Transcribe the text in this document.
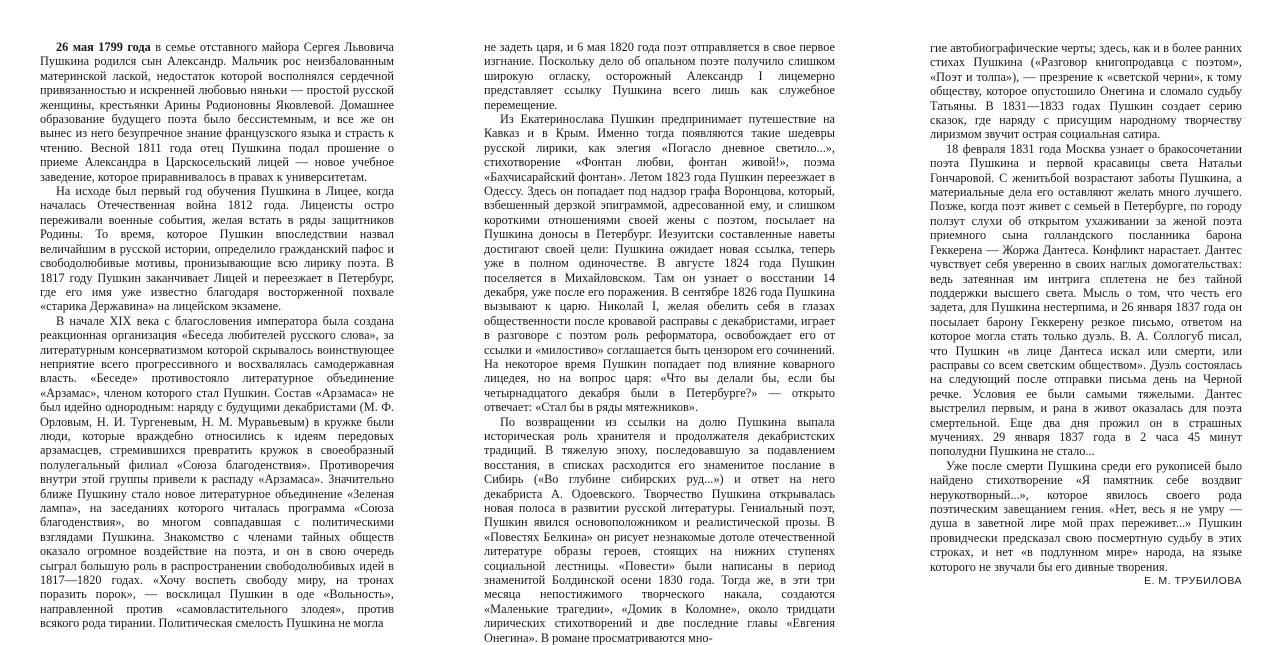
26 мая 1799 года в семье отставного майора Сергея Львовича Пушкина родился сын Александр. Мальчик рос неизбалованным материнской лаской, недостаток которой восполнялся сердечной привязанностью и искренней любовью няньки — простой русской женщины, крестьянки Арины Родионовны Яковлевой. Домашнее образование будущего поэта было бессистемным, и все же он вынес из него безупречное знание французского языка и страсть к чтению. Весной 1811 года отец Пушкина подал прошение о приеме Александра в Царскосельский лицей — новое учебное заведение, которое приравнивалось в правах к университетам.

На исходе был первый год обучения Пушкина в Лицее, когда началась Отечественная война 1812 года. Лицеисты остро переживали военные события, желая встать в ряды защитников Родины. То время, которое Пушкин впоследствии назвал величайшим в русской истории, определило гражданский пафос и свободолюбивые мотивы, пронизывающие всю лирику поэта. В 1817 году Пушкин заканчивает Лицей и переезжает в Петербург, где его имя уже известно благодаря восторженной похвале «старика Державина» на лицейском экзамене.

В начале XIX века с благословения императора была создана реакционная организация «Беседа любителей русского слова», за литературным консерватизмом которой скрывалось воинствующее неприятие всего прогрессивного и восхвалялась самодержавная власть. «Беседе» противостояло литературное объединение «Арзамас», членом которого стал Пушкин. Состав «Арзамаса» не был идейно однородным: наряду с будущими декабристами (М. Ф. Орловым, Н. И. Тургеневым, Н. М. Муравьевым) в кружке были люди, которые враждебно относились к идеям передовых арзамасцев, стремившихся превратить кружок в своеобразный полулегальный филиал «Союза благоденствия». Противоречия внутри этой группы привели к распаду «Арзамаса». Значительно ближе Пушкину стало новое литературное объединение «Зеленая лампа», на заседаниях которого читалась программа «Союза благоденствия», во многом совпадавшая с политическими взглядами Пушкина. Знакомство с членами тайных обществ оказало огромное воздействие на поэта, и он в свою очередь сыграл большую роль в распространении свободолюбивых идей в 1817—1820 годах. «Хочу воспеть свободу миру, на тронах поразить порок», — восклицал Пушкин в оде «Вольность», направленной против «самовластительного злодея», против всякого рода тирании. Политическая смелость Пушкина не могла

не задеть царя, и 6 мая 1820 года поэт отправляется в свое первое изгнание. Поскольку дело об опальном поэте получило слишком широкую огласку, осторожный Александр I лицемерно представляет ссылку Пушкина всего лишь как служебное перемещение.

Из Екатеринослава Пушкин предпринимает путешествие на Кавказ и в Крым. Именно тогда появляются такие шедевры русской лирики, как элегия «Погасло дневное светило...», стихотворение «Фонтан любви, фонтан живой!», поэма «Бахчисарайский фонтан». Летом 1823 года Пушкин переезжает в Одессу. Здесь он попадает под надзор графа Воронцова, который, взбешенный дерзкой эпиграммой, адресованной ему, и слишком короткими отношениями своей жены с поэтом, посылает на Пушкина доносы в Петербург. Иезуитски составленные наветы достигают своей цели: Пушкина ожидает новая ссылка, теперь уже в полном одиночестве. В августе 1824 года Пушкин поселяется в Михайловском. Там он узнает о восстании 14 декабря, уже после его поражения. В сентябре 1826 года Пушкина вызывают к царю. Николай I, желая обелить себя в глазах общественности после кровавой расправы с декабристами, играет в разговоре с поэтом роль реформатора, освобождает его от ссылки и «милостиво» соглашается быть цензором его сочинений. На некоторое время Пушкин попадает под влияние коварного лицедея, но на вопрос царя: «Что вы делали бы, если бы четырнадцатого декабря были в Петербурге?» — открыто отвечает: «Стал бы в ряды мятежников».

По возвращении из ссылки на долю Пушкина выпала историческая роль хранителя и продолжателя декабристских традиций. В тяжелую эпоху, последовавшую за подавлением восстания, в списках расходится его знаменитое послание в Сибирь («Во глубине сибирских руд...») и ответ на него декабриста А. Одоевского. Творчество Пушкина открывалась новая полоса в развитии русской литературы. Гениальный поэт, Пушкин явился основоположником и реалистической прозы. В «Повестях Белкина» он рисует незнакомые дотоле отечественной литературе образы героев, стоящих на нижних ступенях социальной лестницы. «Повести» были написаны в период знаменитой Болдинской осени 1830 года. Тогда же, в эти три месяца непостижимого творческого накала, создаются «Маленькие трагедии», «Домик в Коломне», около тридцати лирических стихотворений и две последние главы «Евгения Онегина». В романе просматриваются мно-

гие автобиографические черты; здесь, как и в более ранних стихах Пушкина («Разговор книгопродавца с поэтом», «Поэт и толпа»), — презрение к «светской черни», к тому обществу, которое опустошило Онегина и сломало судьбу Татьяны. В 1831—1833 годах Пушкин создает серию сказок, где наряду с присущим народному творчеству лиризмом звучит острая социальная сатира.

18 февраля 1831 года Москва узнает о бракосочетании поэта Пушкина и первой красавицы света Натальи Гончаровой. С женитьбой возрастают заботы Пушкина, а материальные дела его оставляют желать много лучшего. Позже, когда поэт живет с семьей в Петербурге, по городу ползут слухи об открытом ухаживании за женой поэта приемного сына голландского посланника барона Геккерена — Жоржа Дантеса. Конфликт нарастает. Дантес чувствует себя уверенно в своих наглых домогательствах: ведь затеянная им интрига сплетена не без тайной поддержки высшего света. Мысль о том, что честь его задета, для Пушкина нестерпима, и 26 января 1837 года он посылает барону Геккерену резкое письмо, ответом на которое могла стать только дуэль. В. А. Соллогуб писал, что Пушкин «в лице Дантеса искал или смерти, или расправы со всем светским обществом». Дуэль состоялась на следующий после отправки письма день на Черной речке. Условия ее были самыми тяжелыми. Дантес выстрелил первым, и рана в живот оказалась для поэта смертельной. Еще два дня прожил он в страшных мучениях. 29 января 1837 года в 2 часа 45 минут пополудни Пушкина не стало...

Уже после смерти Пушкина среди его рукописей было найдено стихотворение «Я памятник себе воздвиг нерукотворный...», которое явилось своего рода поэтическим завещанием гения. «Нет, весь я не умру — душа в заветной лире мой прах переживет...» Пушкин провидчески предсказал свою посмертную судьбу в этих строках, и нет «в подлунном мире» народа, на языке которого не звучали бы его дивные творения.

Е. М. ТРУБИЛОВА
